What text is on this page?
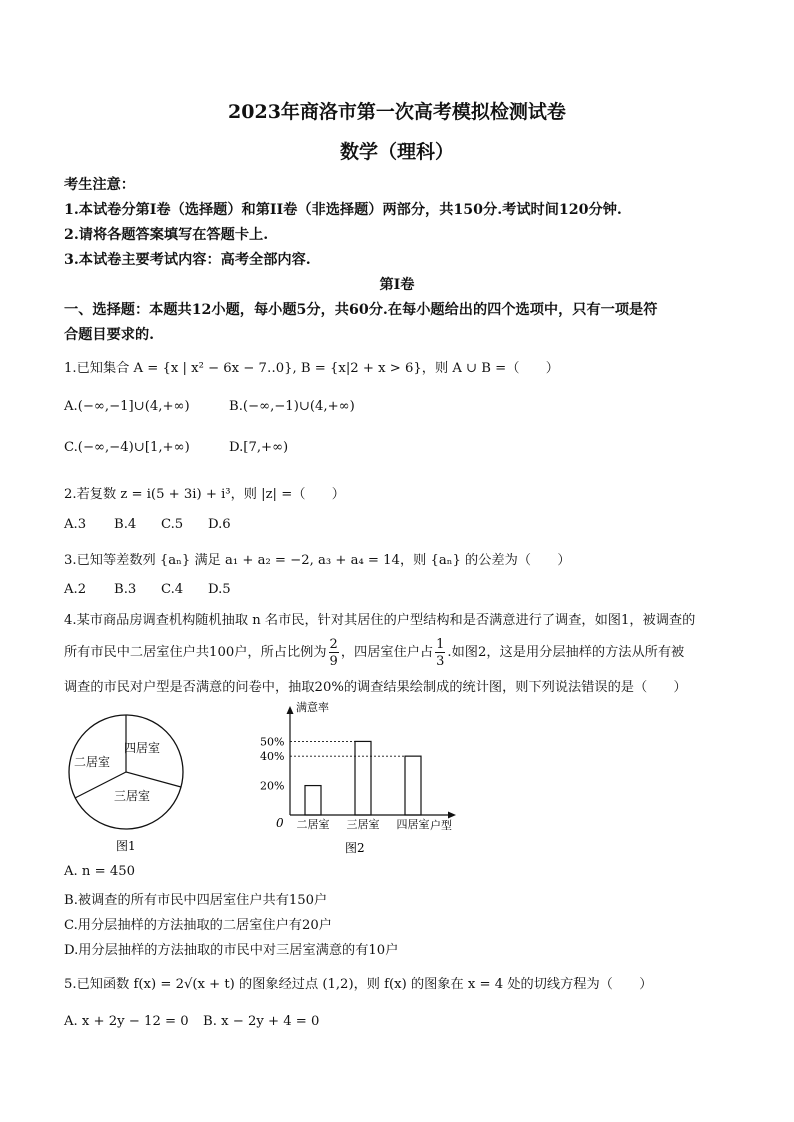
2023年商洛市第一次高考模拟检测试卷
数学（理科）
考生注意：
1.本试卷分第I卷（选择题）和第II卷（非选择题）两部分，共150分.考试时间120分钟.
2.请将各题答案填写在答题卡上.
3.本试卷主要考试内容：高考全部内容.
第I卷
一、选择题：本题共12小题，每小题5分，共60分.在每小题给出的四个选项中，只有一项是符
合题目要求的.
1.已知集合 A = {x | x² − 6x − 7‥0}, B = {x|2 + x > 6}，则 A ∪ B =（　　）
A.(−∞,−1]∪(4,+∞)	B.(−∞,−1)∪(4,+∞)
C.(−∞,−4)∪[1,+∞)	D.[7,+∞)
2.若复数 z = i(5 + 3i) + i³，则 |z| =（　　）
A.3 B.4 C.5 D.6
3.已知等差数列 {aₙ} 满足 a₁ + a₂ = −2, a₃ + a₄ = 14，则 {aₙ} 的公差为（　　）
A.2 B.3 C.4 D.5
4.某市商品房调查机构随机抽取 n 名市民，针对其居住的户型结构和是否满意进行了调查，如图1，被调查的
所有市民中二居室住户共100户，所占比例为 $\frac{2}{9}$ ，四居室住户占 $\frac{1}{3}$ .如图2，这是用分层抽样的方法从所有被
调查的市民对户型是否满意的问卷中，抽取20%的调查结果绘制成的统计图，则下列说法错误的是（　　）
二居室
四居室
三居室
图1
满意率
0	户型
图2
20%
40%
50%
二居室 三居室 四居室
A. n = 450
B.被调查的所有市民中四居室住户共有150户
C.用分层抽样的方法抽取的二居室住户有20户
D.用分层抽样的方法抽取的市民中对三居室满意的有10户
5.已知函数 f(x) = 2√(x + t) 的图象经过点 (1,2)，则 f(x) 的图象在 x = 4 处的切线方程为（　　）
A. x + 2y − 12 = 0 B. x − 2y + 4 = 0
